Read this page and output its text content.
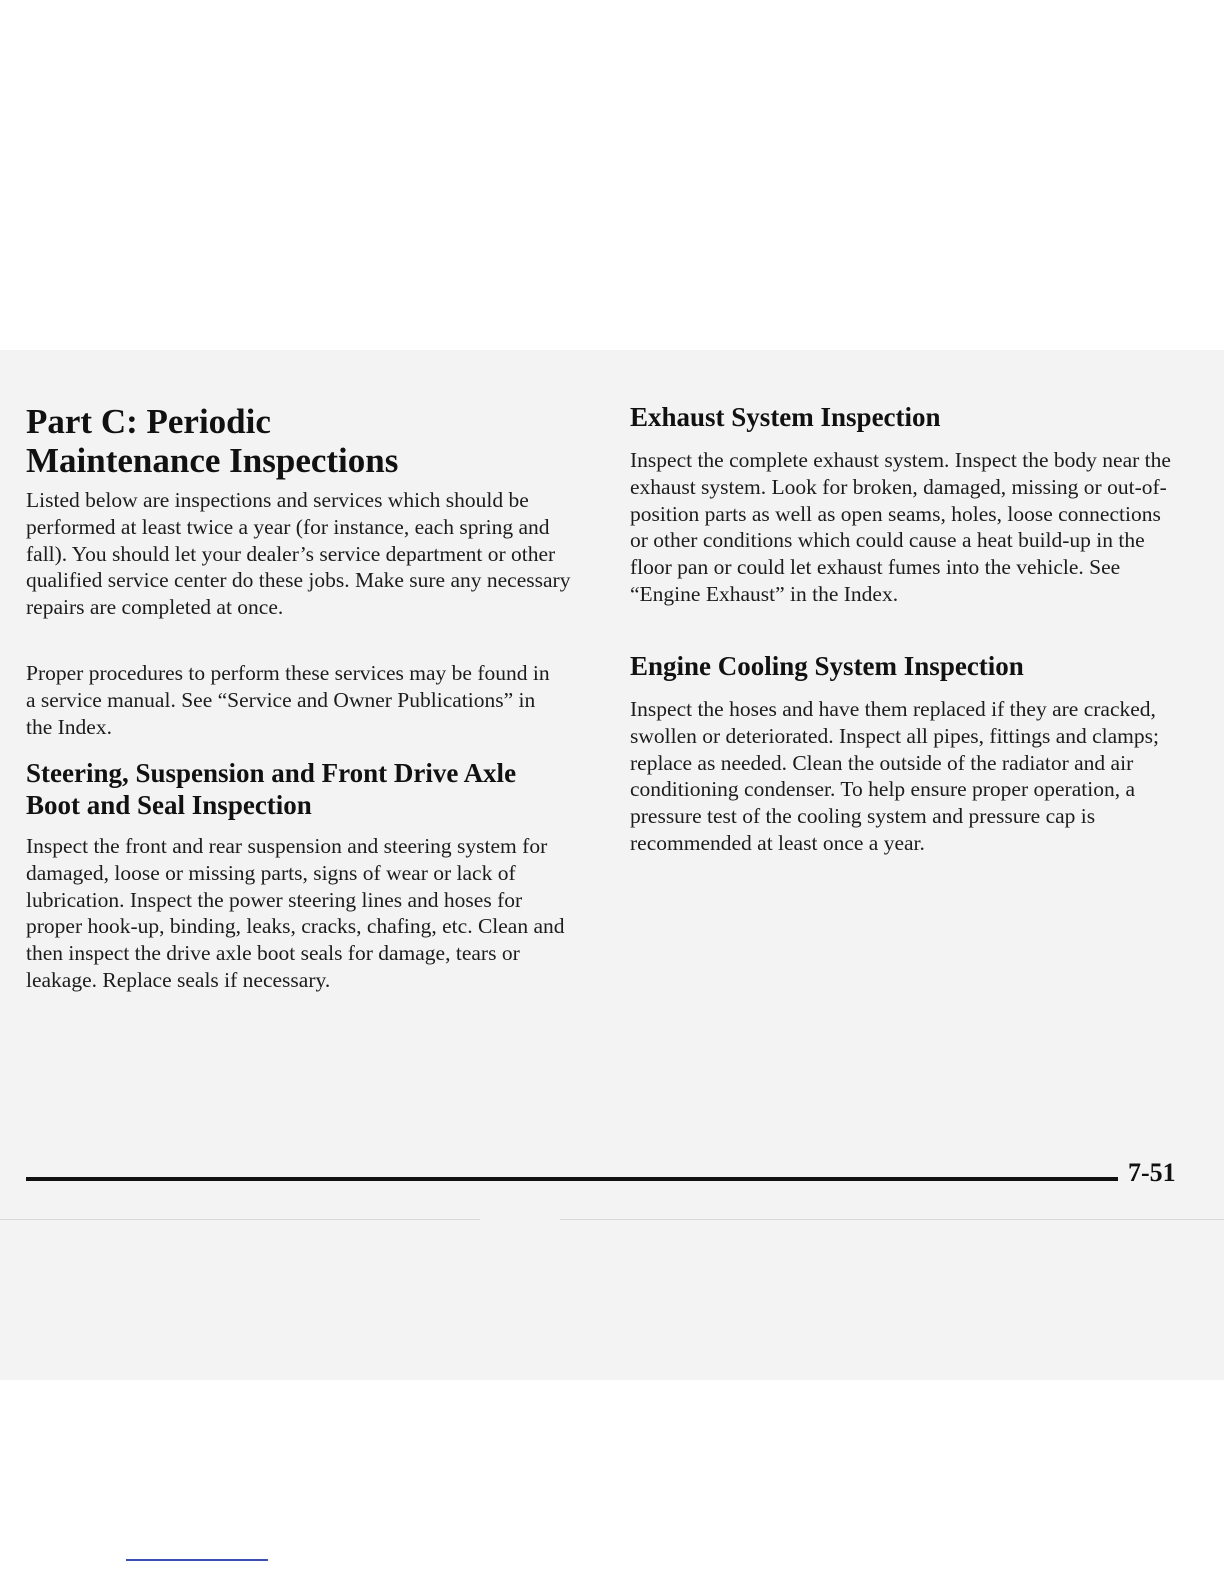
Part C: Periodic Maintenance Inspections

Listed below are inspections and services which should be performed at least twice a year (for instance, each spring and fall). You should let your dealer’s service department or other qualified service center do these jobs. Make sure any necessary repairs are completed at once.

Proper procedures to perform these services may be found in a service manual. See “Service and Owner Publications” in the Index.

Steering, Suspension and Front Drive Axle Boot and Seal Inspection

Inspect the front and rear suspension and steering system for damaged, loose or missing parts, signs of wear or lack of lubrication. Inspect the power steering lines and hoses for proper hook-up, binding, leaks, cracks, chafing, etc. Clean and then inspect the drive axle boot seals for damage, tears or leakage. Replace seals if necessary.

Exhaust System Inspection

Inspect the complete exhaust system. Inspect the body near the exhaust system. Look for broken, damaged, missing or out-of-position parts as well as open seams, holes, loose connections or other conditions which could cause a heat build-up in the floor pan or could let exhaust fumes into the vehicle. See “Engine Exhaust” in the Index.

Engine Cooling System Inspection

Inspect the hoses and have them replaced if they are cracked, swollen or deteriorated. Inspect all pipes, fittings and clamps; replace as needed. Clean the outside of the radiator and air conditioning condenser. To help ensure proper operation, a pressure test of the cooling system and pressure cap is recommended at least once a year.

7-51
